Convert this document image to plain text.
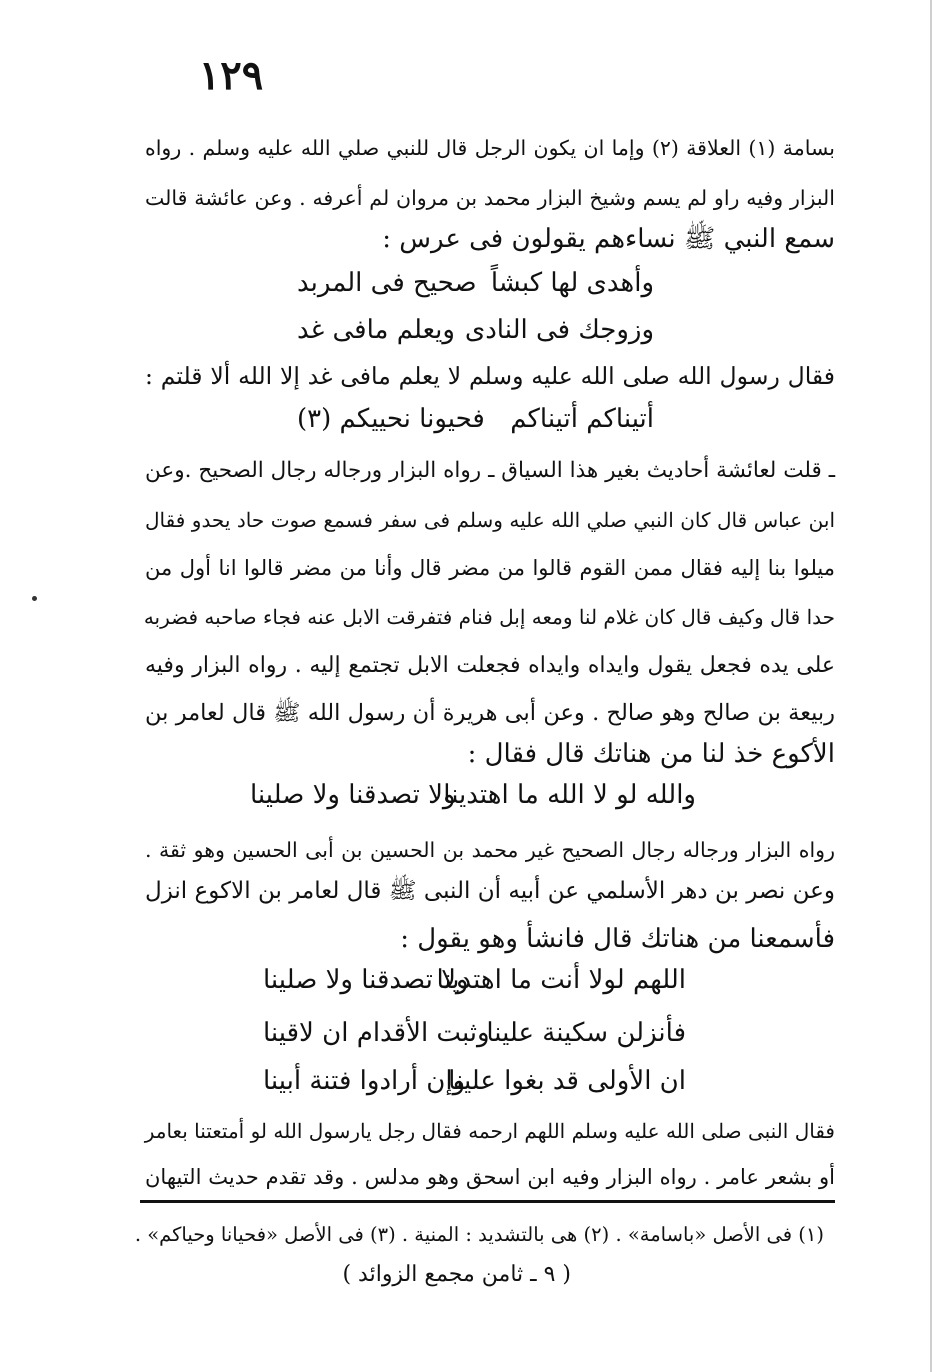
١٢٩
بسامة (١) العلاقة (٢) وإما ان يكون الرجل قال للنبي صلي الله عليه وسلم . رواه
البزار وفيه راو لم يسم وشيخ البزار محمد بن مروان لم أعرفه . وعن عائشة قالت
سمع النبي ﷺ نساءهم يقولون فى عرس :
وأهدى لها كبشاً
صحيح فى المربد
وزوجك فى النادى
ويعلم مافى غد
فقال رسول الله صلى الله عليه وسلم لا يعلم مافى غد إلا الله ألا قلتم :
أتيناكم أتيناكم
فحيونا نحييكم (٣)
ـ قلت لعائشة أحاديث بغير هذا السياق ـ رواه البزار ورجاله رجال الصحيح .وعن
ابن عباس قال كان النبي صلي الله عليه وسلم فى سفر فسمع صوت حاد يحدو فقال
ميلوا بنا إليه فقال ممن القوم قالوا من مضر قال وأنا من مضر قالوا انا أول من
حدا قال وكيف قال كان غلام لنا ومعه إبل فنام فتفرقت الابل عنه فجاء صاحبه فضربه
على يده فجعل يقول وايداه وايداه فجعلت الابل تجتمع إليه . رواه البزار وفيه
ربيعة بن صالح وهو صالح . وعن أبى هريرة أن رسول الله ﷺ قال لعامر بن
الأكوع خذ لنا من هناتك قال فقال :
والله لو لا الله ما اهتدينا
ولا تصدقنا ولا صلينا
رواه البزار ورجاله رجال الصحيح غير محمد بن الحسين بن أبى الحسين وهو ثقة .
وعن نصر بن دهر الأسلمي عن أبيه أن النبى ﷺ قال لعامر بن الاكوع انزل
فأسمعنا من هناتك قال فانشأ وهو يقول :
اللهم لولا أنت ما اهتدينا
ولا تصدقنا ولا صلينا
فأنزلن سكينة علينا
وثبت الأقدام ان لاقينا
ان الأولى قد بغوا علينا
وإن أرادوا فتنة أبينا
فقال النبى صلى الله عليه وسلم اللهم ارحمه فقال رجل يارسول الله لو أمتعتنا بعامر
أو بشعر عامر . رواه البزار وفيه ابن اسحق وهو مدلس . وقد تقدم حديث التيهان
(١) فى الأصل «باسامة» . (٢) هى بالتشديد : المنية . (٣) فى الأصل «فحيانا وحياكم» .
( ٩ ـ ثامن مجمع الزوائد )
